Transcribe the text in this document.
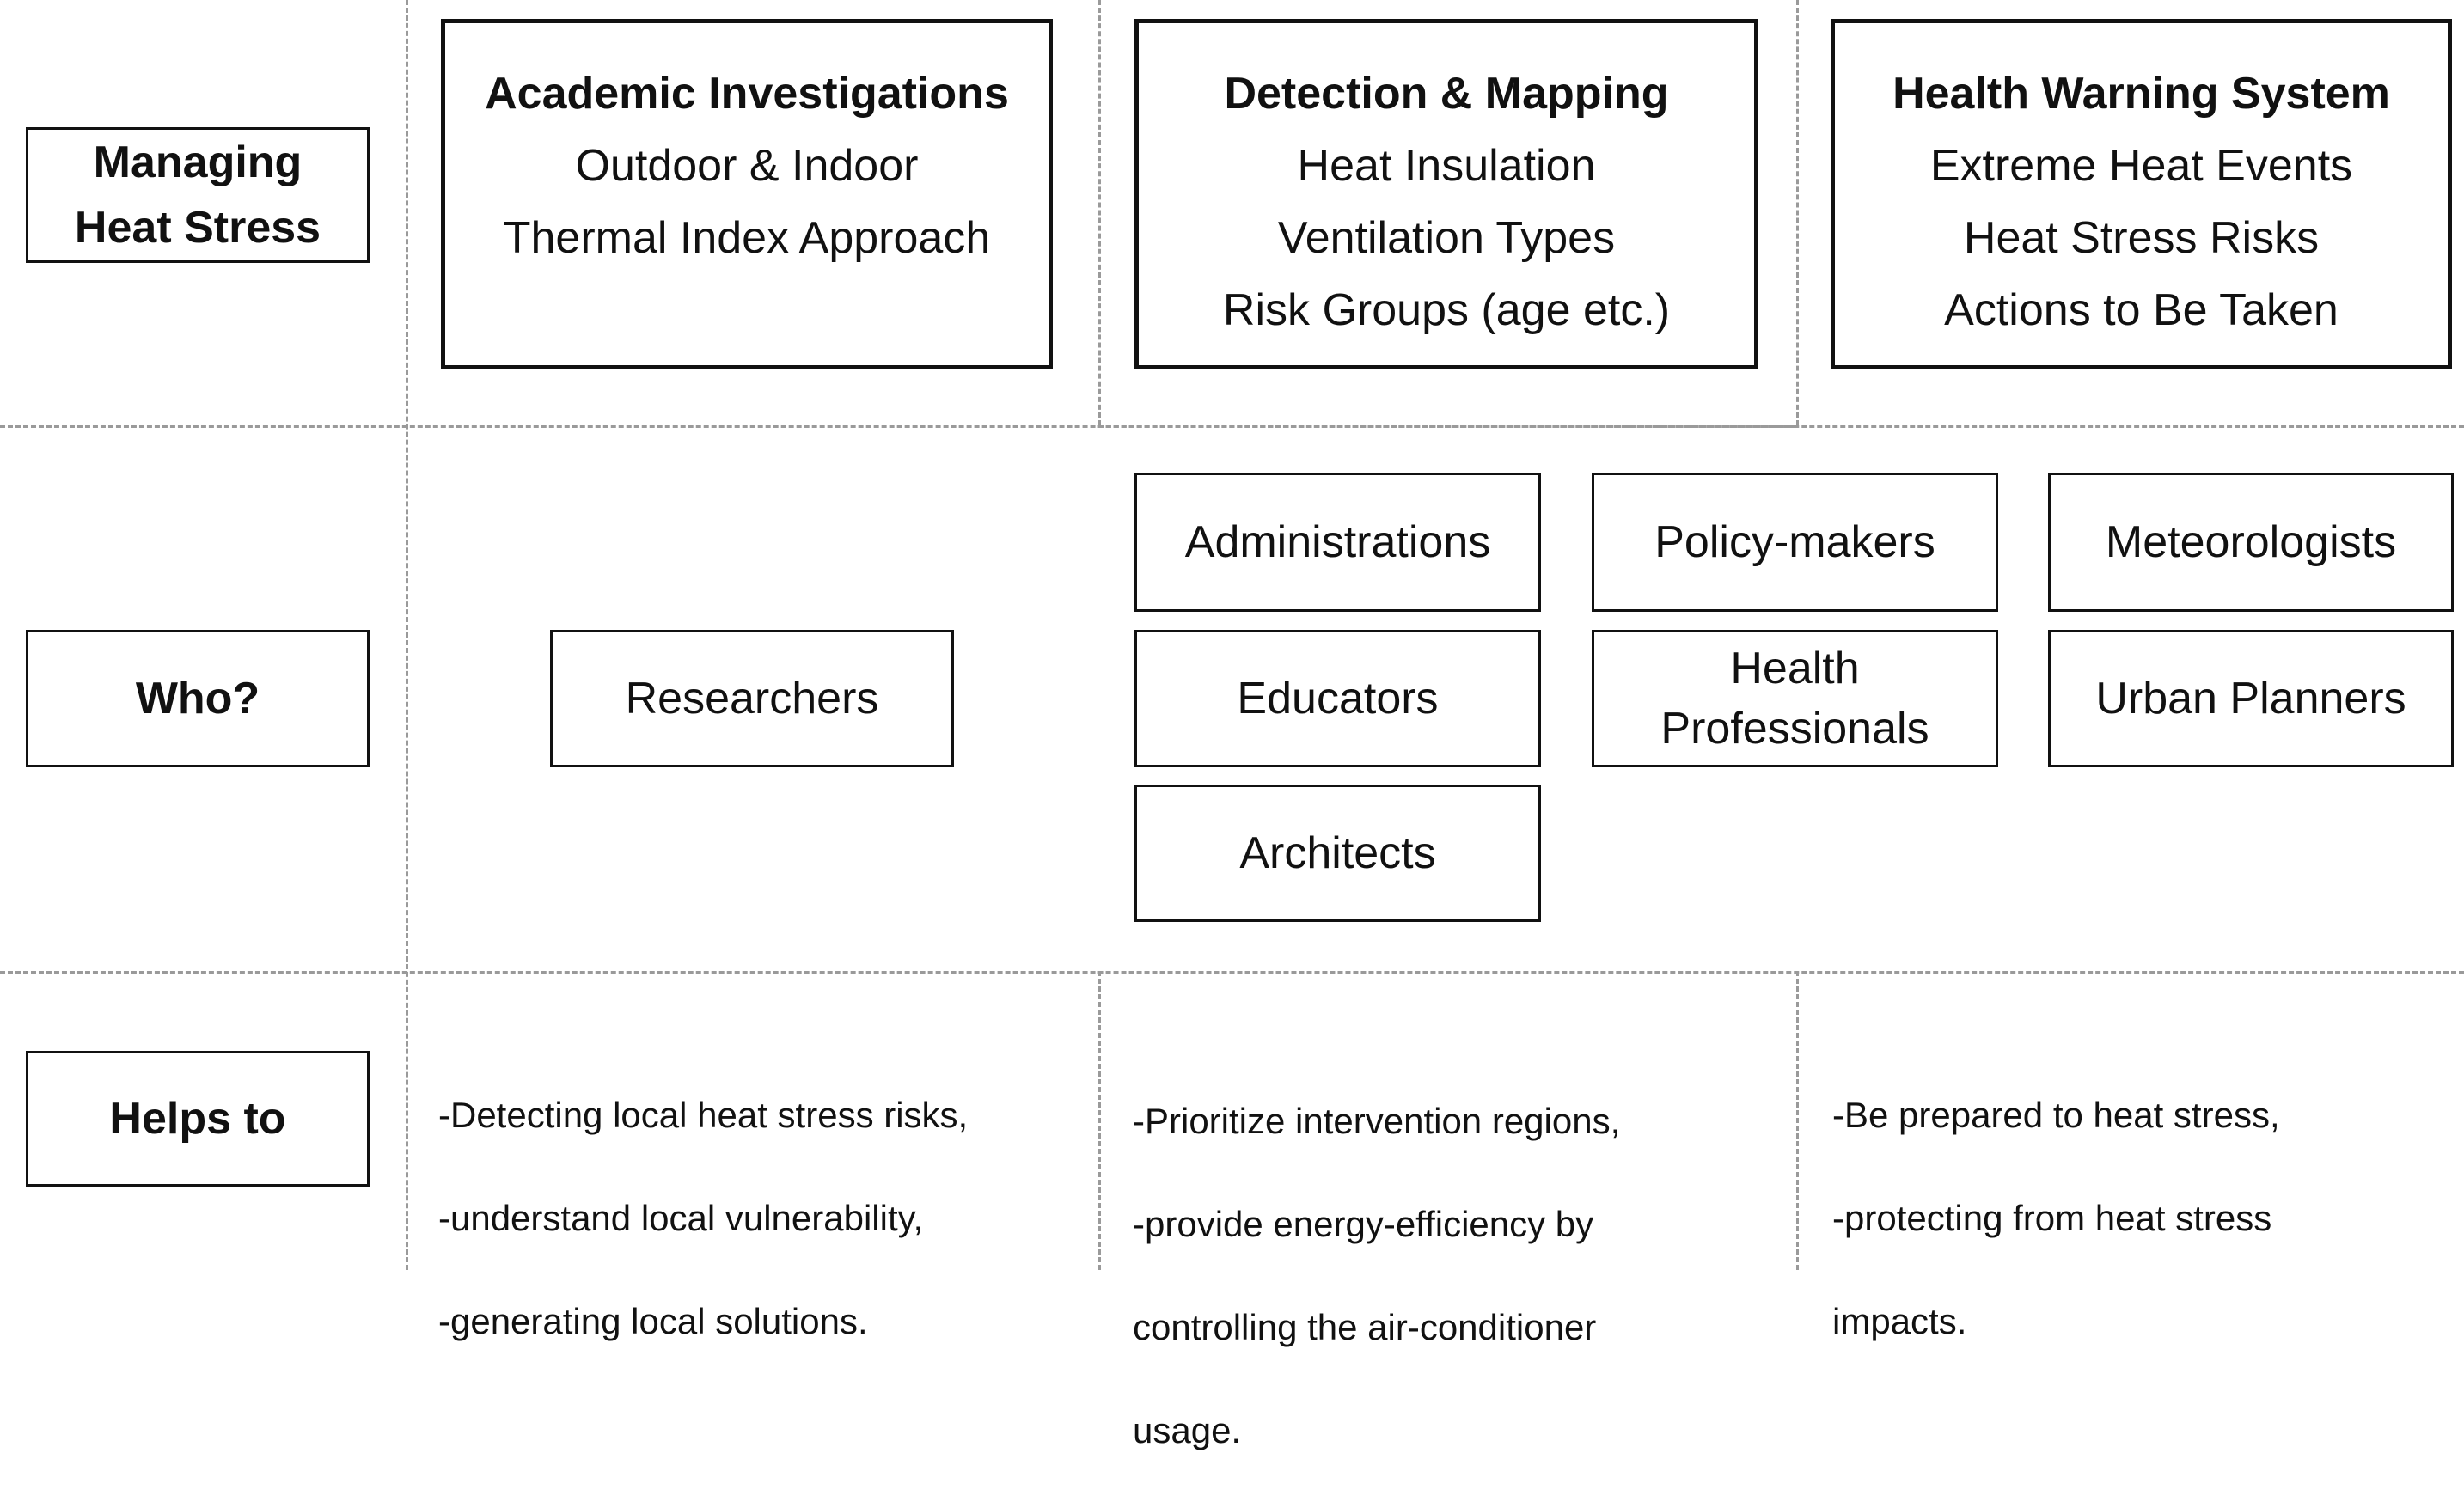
Managing
Heat Stress
Who?
Helps to
Academic Investigations
Outdoor & Indoor
Thermal Index Approach
Detection & Mapping
Heat Insulation
Ventilation Types
Risk Groups (age etc.)
Health Warning System
Extreme Heat Events
Heat Stress Risks
Actions to Be Taken
Researchers
Administrations
Educators
Architects
Policy-makers
Health
Professionals
Meteorologists
Urban Planners

-Detecting local heat stress risks,

-understand local vulnerability,

-generating local solutions.

-Prioritize intervention regions,

-provide energy-efficiency by

controlling the air-conditioner

usage.

-Be prepared to heat stress,

-protecting from heat stress

impacts.
